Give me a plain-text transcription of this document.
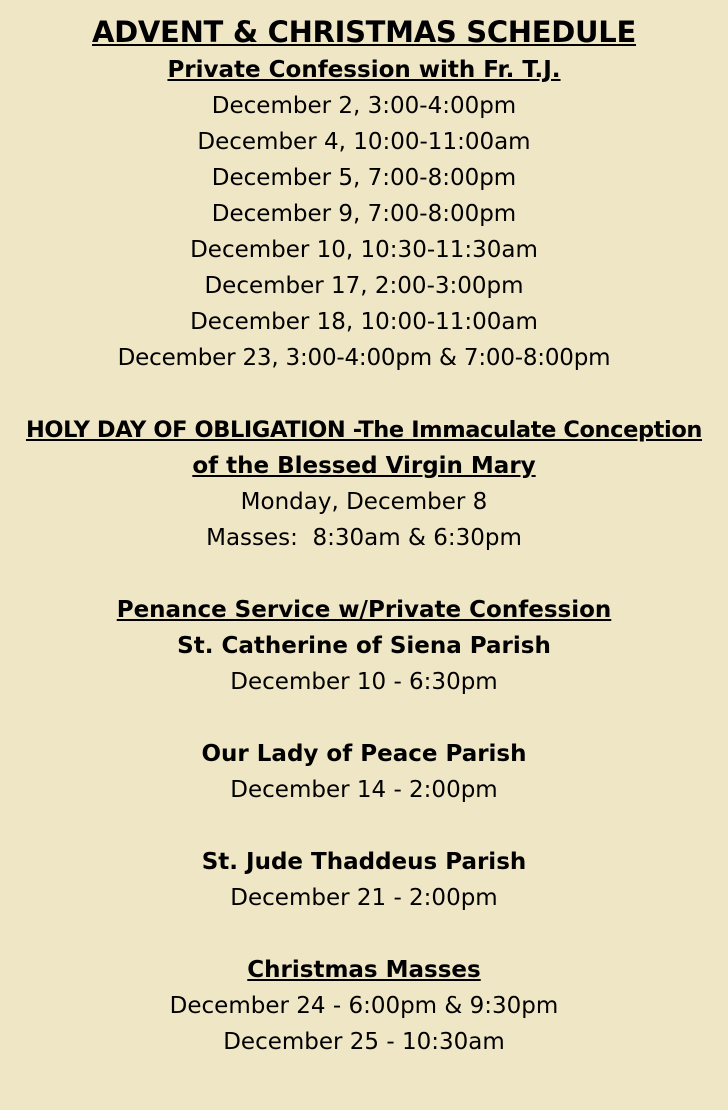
ADVENT & CHRISTMAS SCHEDULE

Private Confession with Fr. T.J.

December 2, 3:00-4:00pm

December 4, 10:00-11:00am

December 5, 7:00-8:00pm

December 9, 7:00-8:00pm

December 10, 10:30-11:30am

December 17, 2:00-3:00pm

December 18, 10:00-11:00am

December 23, 3:00-4:00pm & 7:00-8:00pm

HOLY DAY OF OBLIGATION -The Immaculate Conception

of the Blessed Virgin Mary

Monday, December 8

Masses:  8:30am & 6:30pm

Penance Service w/Private Confession

St. Catherine of Siena Parish

December 10 - 6:30pm

Our Lady of Peace Parish

December 14 - 2:00pm

St. Jude Thaddeus Parish

December 21 - 2:00pm

Christmas Masses

December 24 - 6:00pm & 9:30pm

December 25 - 10:30am
